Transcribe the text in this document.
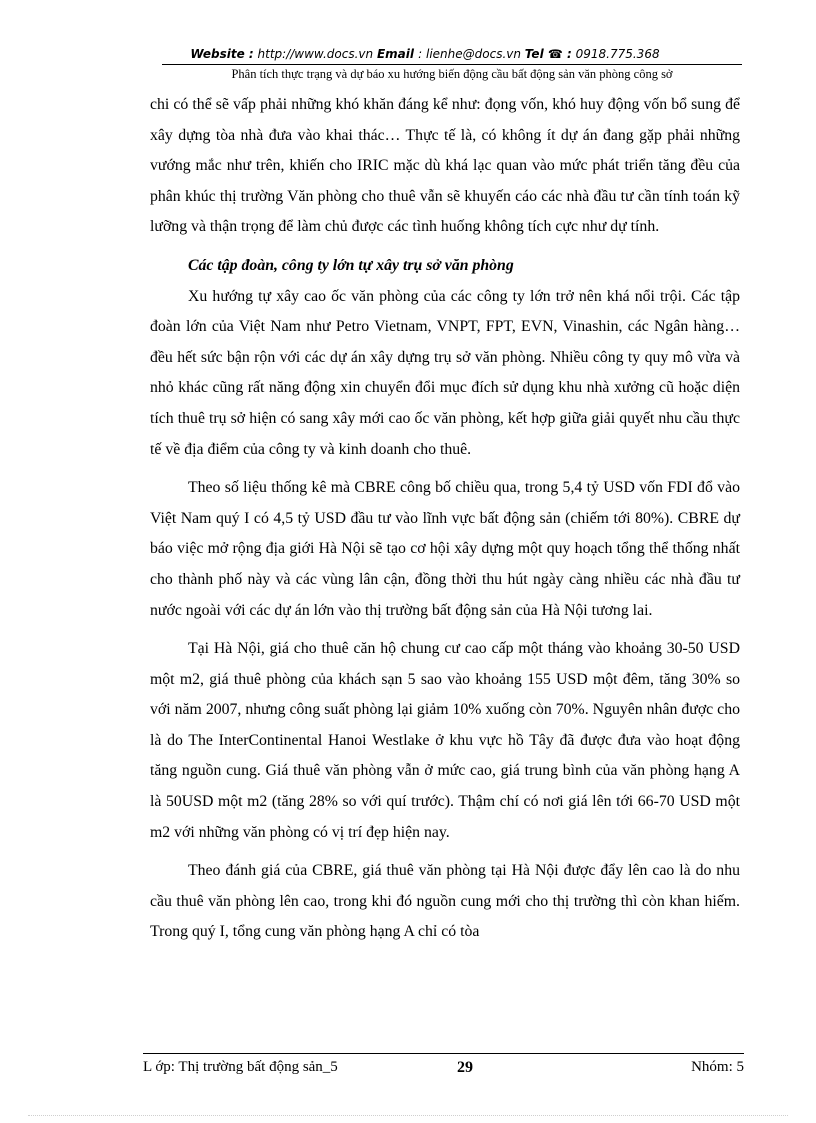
Website : http://www.docs.vn Email : lienhe@docs.vn Tel ☎ : 0918.775.368
Phân tích thực trạng và dự báo xu hướng biến động cầu bất động sản văn phòng công sở

chi có thể sẽ vấp phải những khó khăn đáng kể như: đọng vốn, khó huy động vốn bổ sung để xây dựng tòa nhà đưa vào khai thác… Thực tế là, có không ít dự án đang gặp phải những vướng mắc như trên, khiến cho IRIC mặc dù khá lạc quan vào mức phát triển tăng đều của phân khúc thị trường Văn phòng cho thuê vẫn sẽ khuyến cáo các nhà đầu tư cần tính toán kỹ lưỡng và thận trọng để làm chủ được các tình huống không tích cực như dự tính.

Các tập đoàn, công ty lớn tự xây trụ sở văn phòng

Xu hướng tự xây cao ốc văn phòng của các công ty lớn trở nên khá nổi trội. Các tập đoàn lớn của Việt Nam như Petro Vietnam, VNPT, FPT, EVN, Vinashin, các Ngân hàng…đều hết sức bận rộn với các dự án xây dựng trụ sở văn phòng. Nhiều công ty quy mô vừa và nhỏ khác cũng rất năng động xin chuyển đổi mục đích sử dụng khu nhà xưởng cũ hoặc diện tích thuê trụ sở hiện có sang xây mới cao ốc văn phòng, kết hợp giữa giải quyết nhu cầu thực tế về địa điểm của công ty và kinh doanh cho thuê.

Theo số liệu thống kê mà CBRE công bố chiều qua, trong 5,4 tỷ USD vốn FDI đổ vào Việt Nam quý I có 4,5 tỷ USD đầu tư vào lĩnh vực bất động sản (chiếm tới 80%). CBRE dự báo việc mở rộng địa giới Hà Nội sẽ tạo cơ hội xây dựng một quy hoạch tổng thể thống nhất cho thành phố này và các vùng lân cận, đồng thời thu hút ngày càng nhiều các nhà đầu tư nước ngoài với các dự án lớn vào thị trường bất động sản của Hà Nội tương lai.

Tại Hà Nội, giá cho thuê căn hộ chung cư cao cấp một tháng vào khoảng 30-50 USD một m2, giá thuê phòng của khách sạn 5 sao vào khoảng 155 USD một đêm, tăng 30% so với năm 2007, nhưng công suất phòng lại giảm 10% xuống còn 70%. Nguyên nhân được cho là do The InterContinental Hanoi Westlake ở khu vực hồ Tây đã được đưa vào hoạt động tăng nguồn cung. Giá thuê văn phòng vẫn ở mức cao, giá trung bình của văn phòng hạng A là 50USD một m2 (tăng 28% so với quí trước). Thậm chí có nơi giá lên tới 66-70 USD một m2 với những văn phòng có vị trí đẹp hiện nay.

Theo đánh giá của CBRE, giá thuê văn phòng tại Hà Nội được đẩy lên cao là do nhu cầu thuê văn phòng lên cao, trong khi đó nguồn cung mới cho thị trường thì còn khan hiếm. Trong quý I, tổng cung văn phòng hạng A chỉ có tòa

L ớp: Thị trường bất động sản_5	29	Nhóm: 5
